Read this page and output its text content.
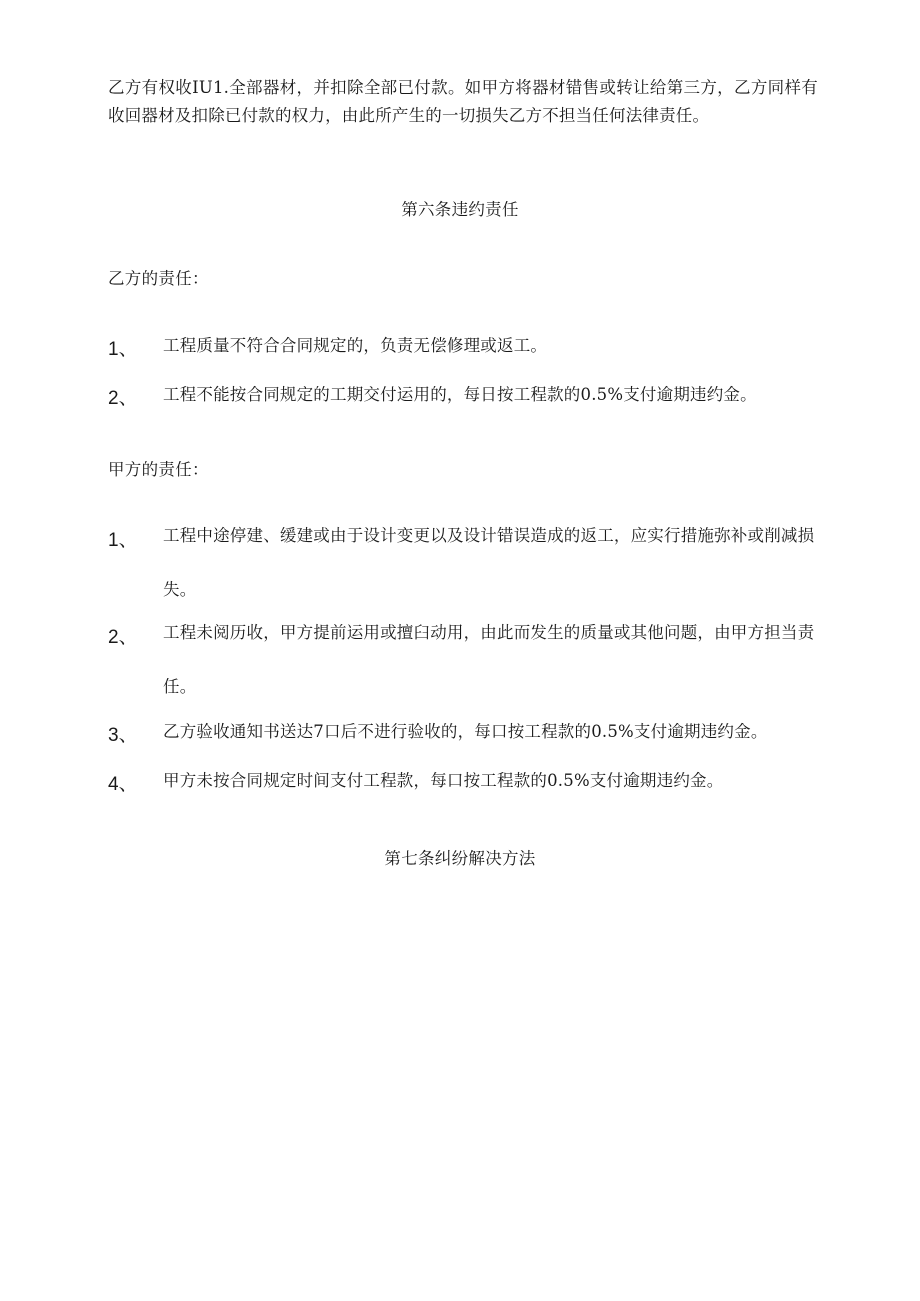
乙方有权收IU1.全部器材，并扣除全部已付款。如甲方将器材错售或转让给第三方，乙方同样有收回器材及扣除已付款的权力，由此所产生的一切损失乙方不担当任何法律责任。
第六条违约责任
乙方的责任：
1、 工程质量不符合合同规定的，负责无偿修理或返工。
2、 工程不能按合同规定的工期交付运用的，每日按工程款的0.5%支付逾期违约金。
甲方的责任：
1、 工程中途停建、缓建或由于设计变更以及设计错误造成的返工，应实行措施弥补或削减损失。
2、 工程未阅历收，甲方提前运用或擅臼动用，由此而发生的质量或其他问题，由甲方担当责任。
3、 乙方验收通知书送达7口后不进行验收的，每口按工程款的0.5%支付逾期违约金。
4、 甲方未按合同规定时间支付工程款，每口按工程款的0.5%支付逾期违约金。
第七条纠纷解决方法
